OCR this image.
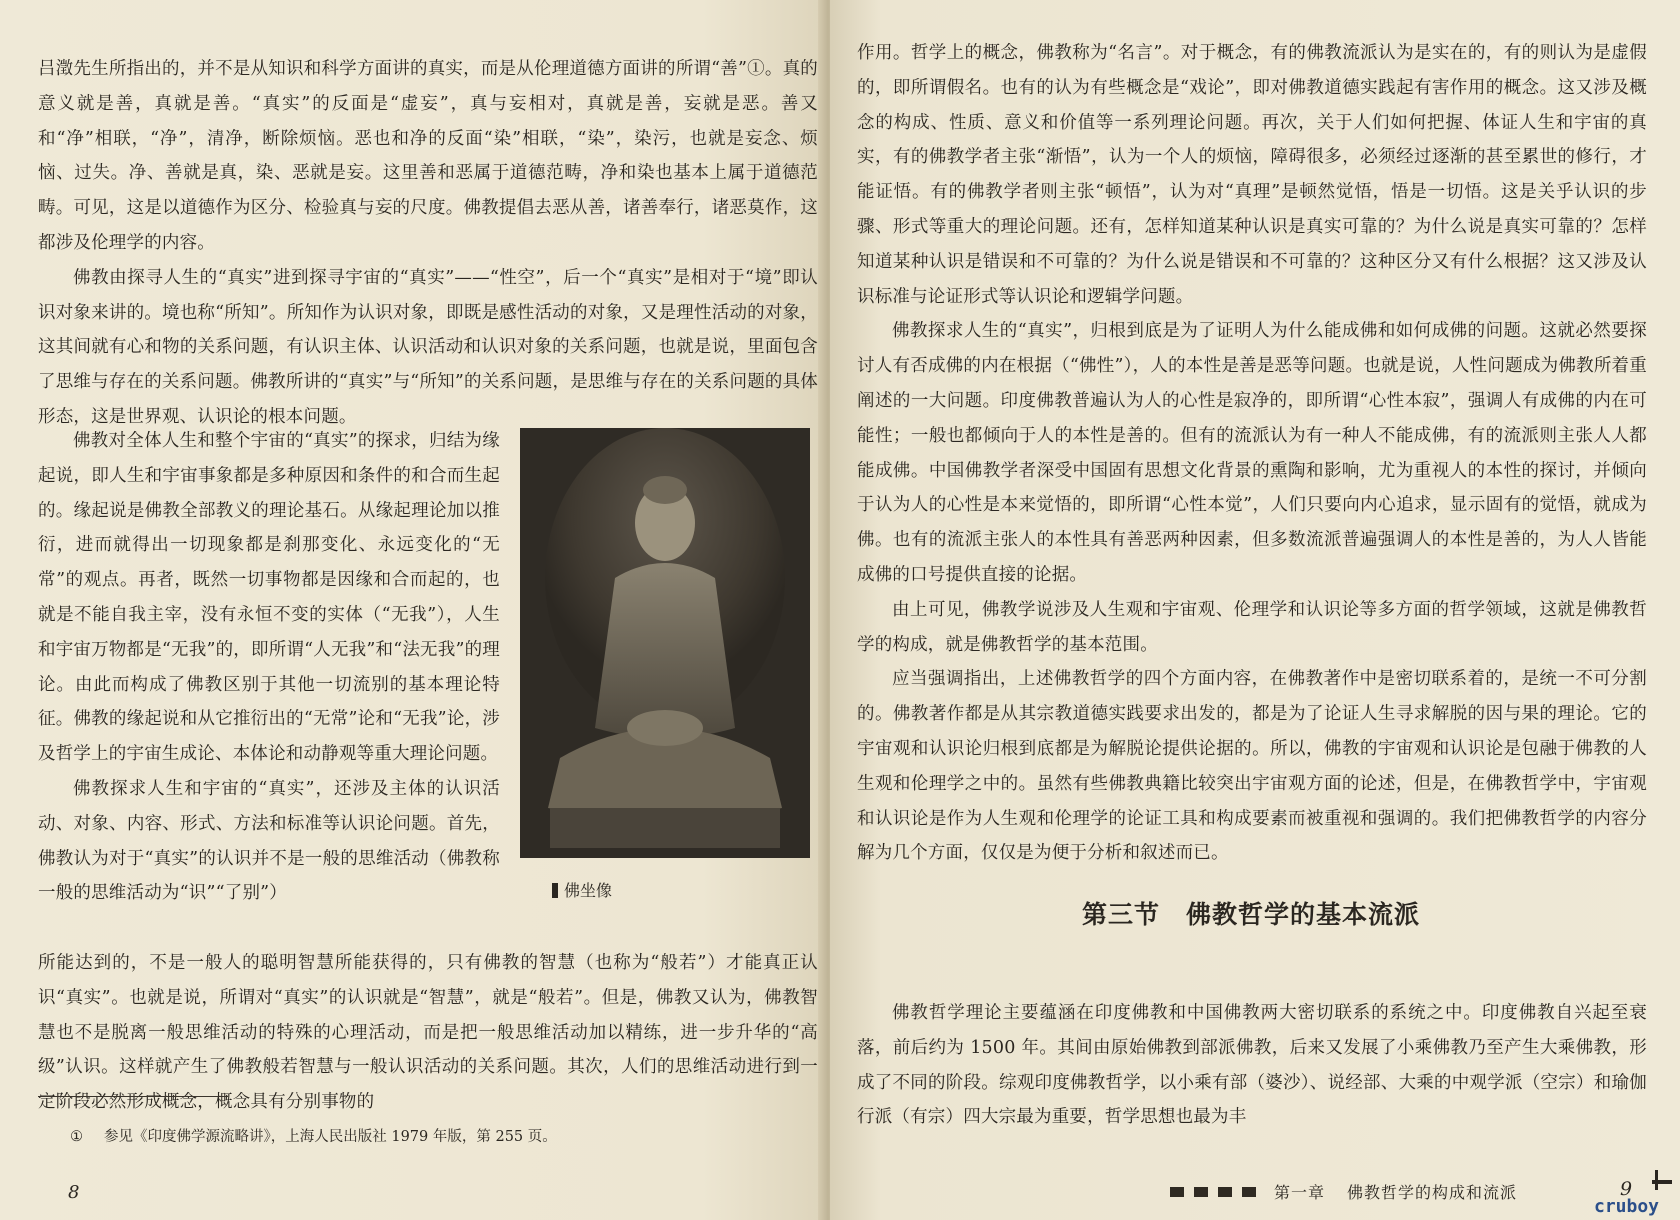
吕澂先生所指出的，并不是从知识和科学方面讲的真实，而是从伦理道德方面讲的所谓“善”①。真的意义就是善，真就是善。“真实”的反面是“虚妄”，真与妄相对，真就是善，妄就是恶。善又和“净”相联，“净”，清净，断除烦恼。恶也和净的反面“染”相联，“染”，染污，也就是妄念、烦恼、过失。净、善就是真，染、恶就是妄。这里善和恶属于道德范畴，净和染也基本上属于道德范畴。可见，这是以道德作为区分、检验真与妄的尺度。佛教提倡去恶从善，诸善奉行，诸恶莫作，这都涉及伦理学的内容。

佛教由探寻人生的“真实”进到探寻宇宙的“真实”——“性空”，后一个“真实”是相对于“境”即认识对象来讲的。境也称“所知”。所知作为认识对象，即既是感性活动的对象，又是理性活动的对象，这其间就有心和物的关系问题，有认识主体、认识活动和认识对象的关系问题，也就是说，里面包含了思维与存在的关系问题。佛教所讲的“真实”与“所知”的关系问题，是思维与存在的关系问题的具体形态，这是世界观、认识论的根本问题。

佛教对全体人生和整个宇宙的“真实”的探求，归结为缘起说，即人生和宇宙事象都是多种原因和条件的和合而生起的。缘起说是佛教全部教义的理论基石。从缘起理论加以推衍，进而就得出一切现象都是刹那变化、永远变化的“无常”的观点。再者，既然一切事物都是因缘和合而起的，也就是不能自我主宰，没有永恒不变的实体（“无我”），人生和宇宙万物都是“无我”的，即所谓“人无我”和“法无我”的理论。由此而构成了佛教区别于其他一切流别的基本理论特征。佛教的缘起说和从它推衍出的“无常”论和“无我”论，涉及哲学上的宇宙生成论、本体论和动静观等重大理论问题。

佛教探求人生和宇宙的“真实”，还涉及主体的认识活动、对象、内容、形式、方法和标准等认识论问题。首先，佛教认为对于“真实”的认识并不是一般的思维活动（佛教称一般的思维活动为“识”“了别”）	佛坐像

所能达到的，不是一般人的聪明智慧所能获得的，只有佛教的智慧（也称为“般若”）才能真正认识“真实”。也就是说，所谓对“真实”的认识就是“智慧”，就是“般若”。但是，佛教又认为，佛教智慧也不是脱离一般思维活动的特殊的心理活动，而是把一般思维活动加以精练，进一步升华的“高级”认识。这样就产生了佛教般若智慧与一般认识活动的关系问题。其次，人们的思维活动进行到一定阶段必然形成概念，概念具有分别事物的

① 参见《印度佛学源流略讲》，上海人民出版社 1979 年版，第 255 页。
8

作用。哲学上的概念，佛教称为“名言”。对于概念，有的佛教流派认为是实在的，有的则认为是虚假的，即所谓假名。也有的认为有些概念是“戏论”，即对佛教道德实践起有害作用的概念。这又涉及概念的构成、性质、意义和价值等一系列理论问题。再次，关于人们如何把握、体证人生和宇宙的真实，有的佛教学者主张“渐悟”，认为一个人的烦恼，障碍很多，必须经过逐渐的甚至累世的修行，才能证悟。有的佛教学者则主张“顿悟”，认为对“真理”是顿然觉悟，悟是一切悟。这是关乎认识的步骤、形式等重大的理论问题。还有，怎样知道某种认识是真实可靠的？为什么说是真实可靠的？怎样知道某种认识是错误和不可靠的？为什么说是错误和不可靠的？这种区分又有什么根据？这又涉及认识标准与论证形式等认识论和逻辑学问题。

佛教探求人生的“真实”，归根到底是为了证明人为什么能成佛和如何成佛的问题。这就必然要探讨人有否成佛的内在根据（“佛性”），人的本性是善是恶等问题。也就是说，人性问题成为佛教所着重阐述的一大问题。印度佛教普遍认为人的心性是寂净的，即所谓“心性本寂”，强调人有成佛的内在可能性；一般也都倾向于人的本性是善的。但有的流派认为有一种人不能成佛，有的流派则主张人人都能成佛。中国佛教学者深受中国固有思想文化背景的熏陶和影响，尤为重视人的本性的探讨，并倾向于认为人的心性是本来觉悟的，即所谓“心性本觉”，人们只要向内心追求，显示固有的觉悟，就成为佛。也有的流派主张人的本性具有善恶两种因素，但多数流派普遍强调人的本性是善的，为人人皆能成佛的口号提供直接的论据。

由上可见，佛教学说涉及人生观和宇宙观、伦理学和认识论等多方面的哲学领域，这就是佛教哲学的构成，就是佛教哲学的基本范围。

应当强调指出，上述佛教哲学的四个方面内容，在佛教著作中是密切联系着的，是统一不可分割的。佛教著作都是从其宗教道德实践要求出发的，都是为了论证人生寻求解脱的因与果的理论。它的宇宙观和认识论归根到底都是为解脱论提供论据的。所以，佛教的宇宙观和认识论是包融于佛教的人生观和伦理学之中的。虽然有些佛教典籍比较突出宇宙观方面的论述，但是，在佛教哲学中，宇宙观和认识论是作为人生观和伦理学的论证工具和构成要素而被重视和强调的。我们把佛教哲学的内容分解为几个方面，仅仅是为便于分析和叙述而已。

第三节 佛教哲学的基本流派

佛教哲学理论主要蕴涵在印度佛教和中国佛教两大密切联系的系统之中。印度佛教自兴起至衰落，前后约为 1500 年。其间由原始佛教到部派佛教，后来又发展了小乘佛教乃至产生大乘佛教，形成了不同的阶段。综观印度佛教哲学，以小乘有部（婆沙）、说经部、大乘的中观学派（空宗）和瑜伽行派（有宗）四大宗最为重要，哲学思想也最为丰

第一章 佛教哲学的构成和流派	9
cruboy
